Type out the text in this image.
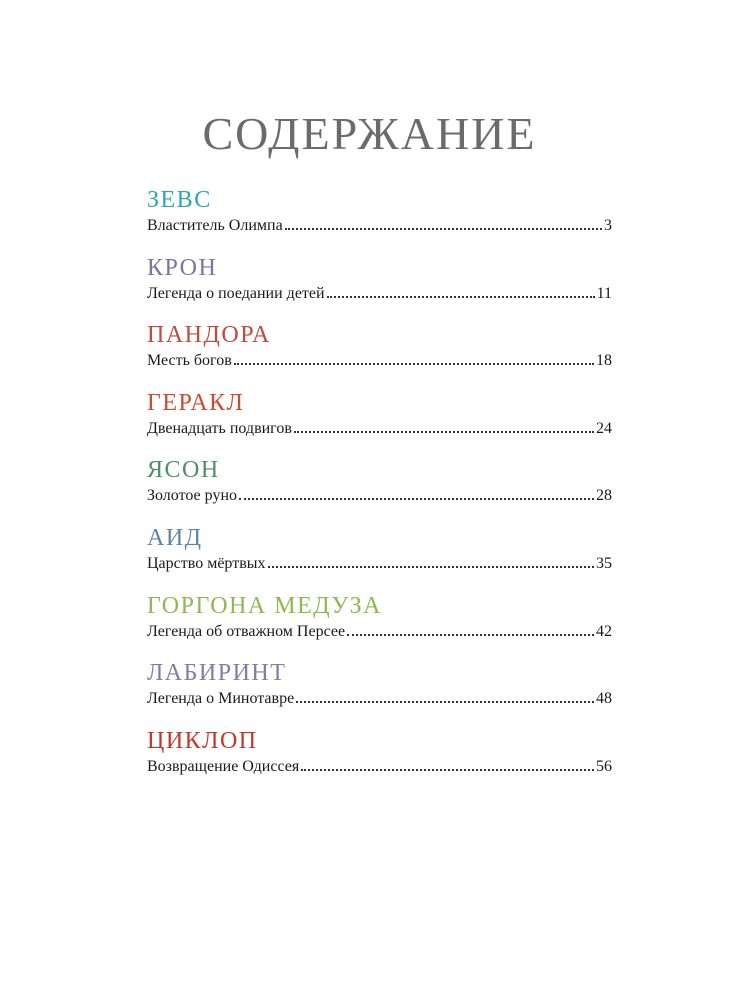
СОДЕРЖАНИЕ
ЗЕВС
Властитель Олимпа	3
КРОН
Легенда о поедании детей	11
ПАНДОРА
Месть богов	18
ГЕРАКЛ
Двенадцать подвигов	24
ЯСОН
Золотое руно	28
АИД
Царство мёртвых	35
ГОРГОНА МЕДУЗА
Легенда об отважном Персее	42
ЛАБИРИНТ
Легенда о Минотавре	48
ЦИКЛОП
Возвращение Одиссея	56
